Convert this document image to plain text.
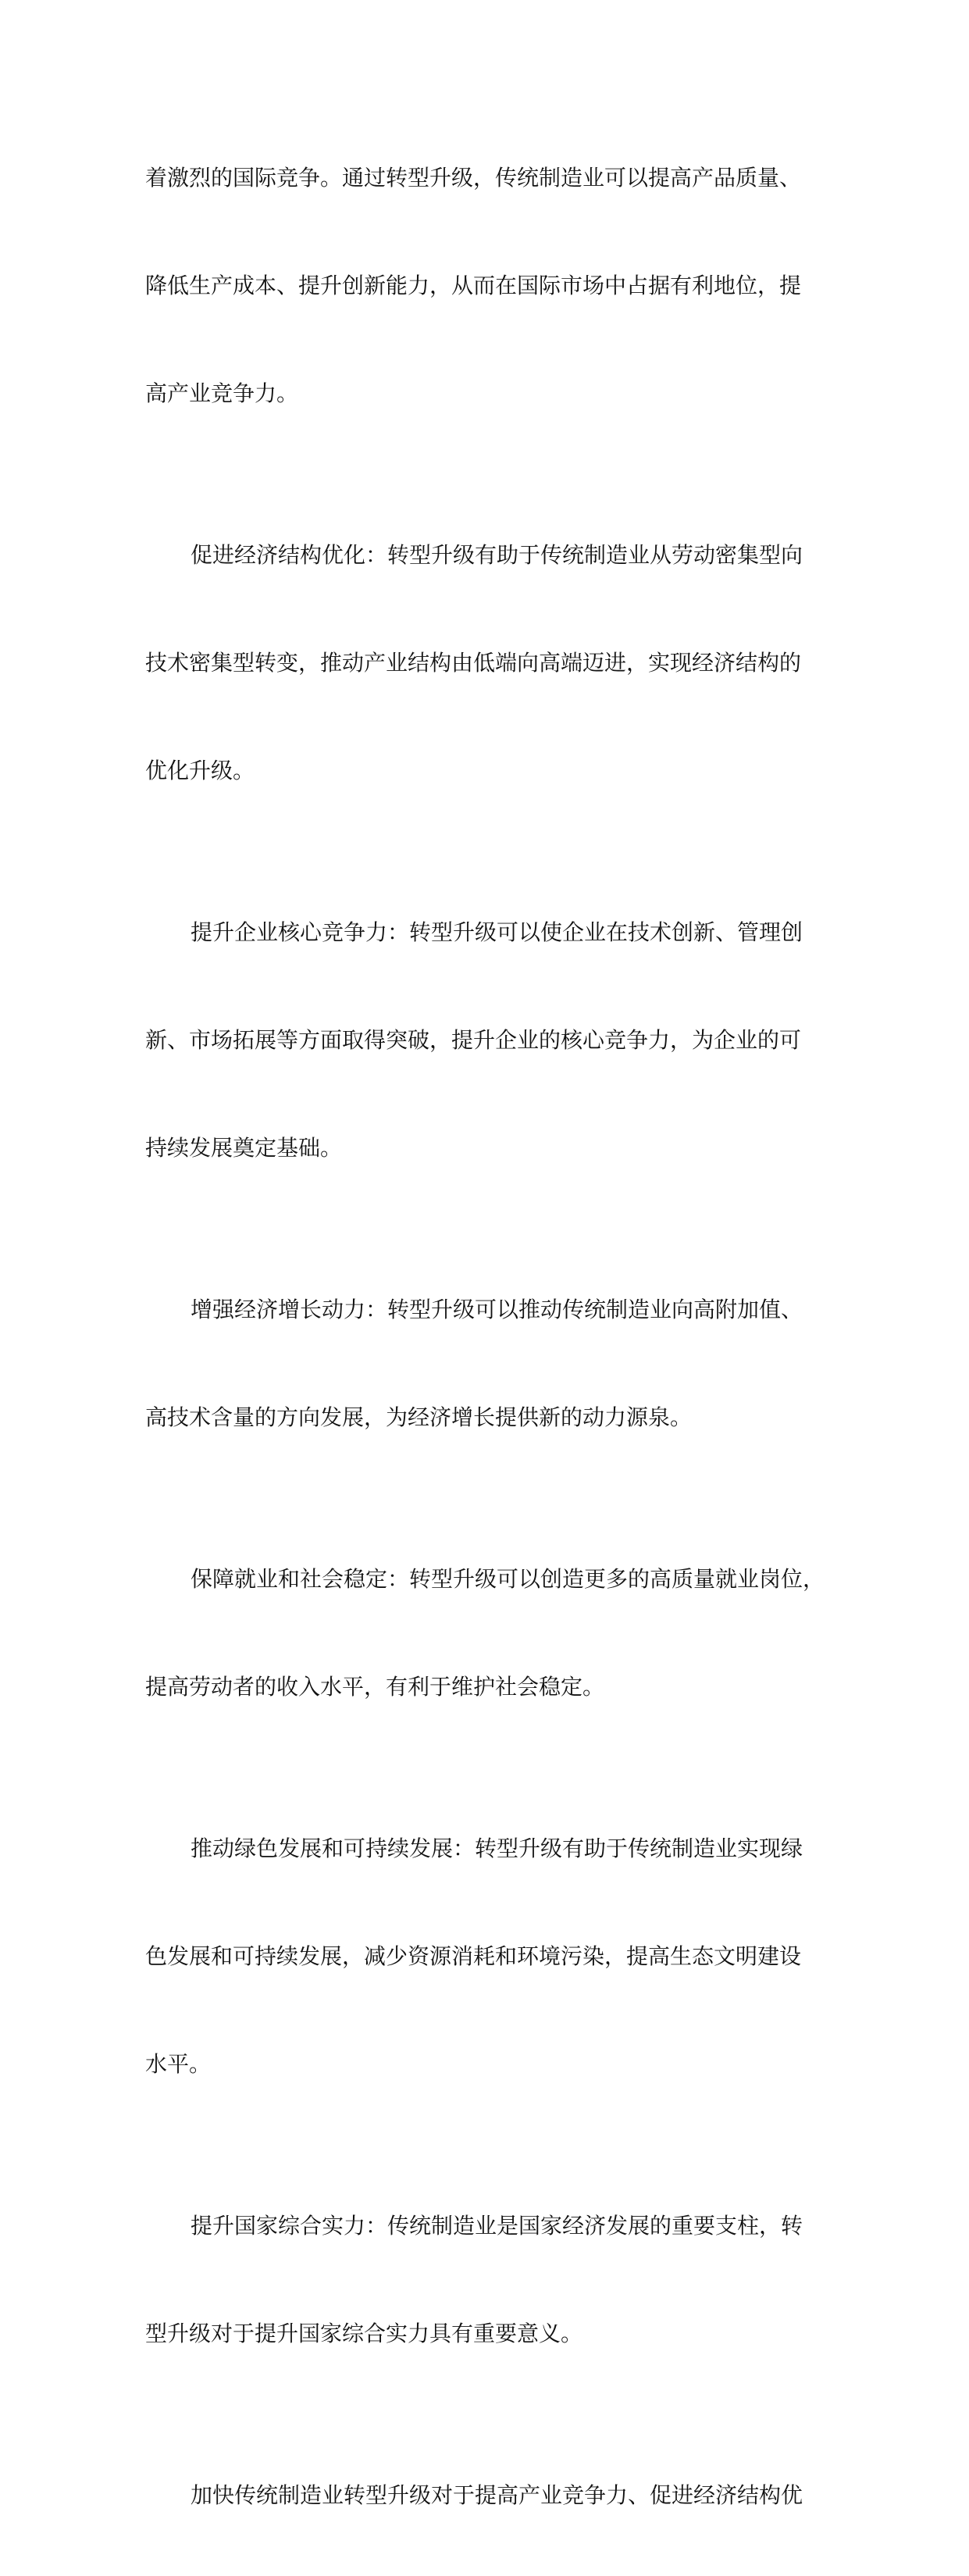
着激烈的国际竞争。通过转型升级，传统制造业可以提高产品质量、

降低生产成本、提升创新能力，从而在国际市场中占据有利地位，提

高产业竞争力。

促进经济结构优化：转型升级有助于传统制造业从劳动密集型向

技术密集型转变，推动产业结构由低端向高端迈进，实现经济结构的

优化升级。

提升企业核心竞争力：转型升级可以使企业在技术创新、管理创

新、市场拓展等方面取得突破，提升企业的核心竞争力，为企业的可

持续发展奠定基础。

增强经济增长动力：转型升级可以推动传统制造业向高附加值、

高技术含量的方向发展，为经济增长提供新的动力源泉。

保障就业和社会稳定：转型升级可以创造更多的高质量就业岗位，

提高劳动者的收入水平，有利于维护社会稳定。

推动绿色发展和可持续发展：转型升级有助于传统制造业实现绿

色发展和可持续发展，减少资源消耗和环境污染，提高生态文明建设

水平。

提升国家综合实力：传统制造业是国家经济发展的重要支柱，转

型升级对于提升国家综合实力具有重要意义。

加快传统制造业转型升级对于提高产业竞争力、促进经济结构优
